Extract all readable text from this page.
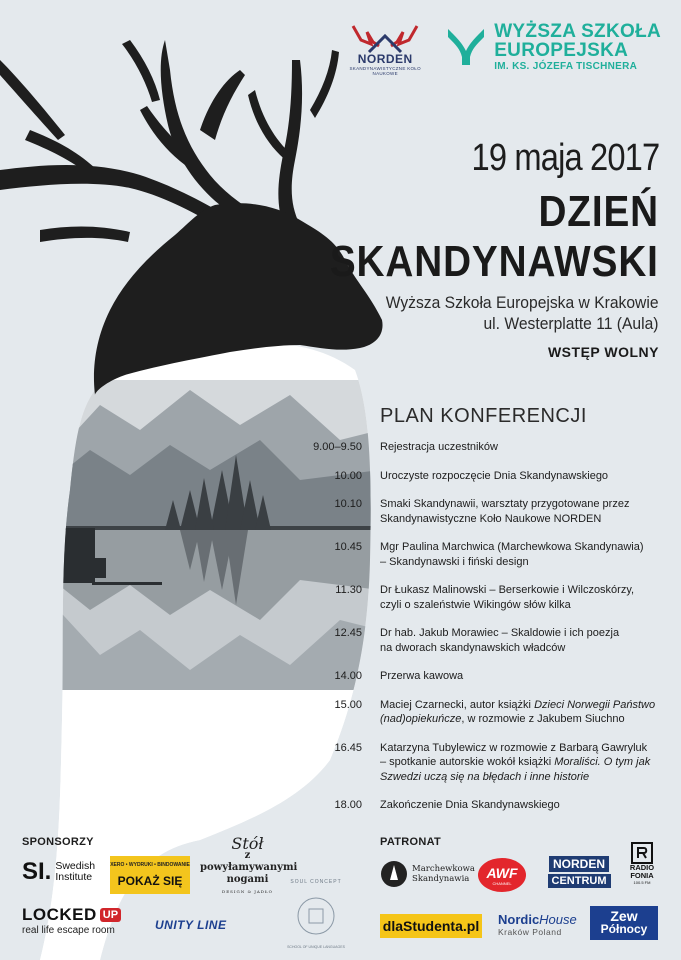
NORDEN
SKANDYNAWISTYCZNE KOŁO NAUKOWE
WYŻSZA SZKOŁA
EUROPEJSKA
IM. KS. JÓZEFA TISCHNERA
19 maja 2017
DZIEŃ
SKANDYNAWSKI
Wyższa Szkoła Europejska w Krakowie
ul. Westerplatte 11 (Aula)
WSTĘP WOLNY
PLAN KONFERENCJI
9.00–9.50	Rejestracja uczestników
10.00	Uroczyste rozpoczęcie Dnia Skandynawskiego
10.10	Smaki Skandynawii, warsztaty przygotowane przez
Skandynawistyczne Koło Naukowe NORDEN
10.45	Mgr Paulina Marchwica (Marchewkowa Skandynawia)
– Skandynawski i fiński design
11.30	Dr Łukasz Malinowski – Berserkowie i Wilczoskórzy,
czyli o szaleństwie Wikingów słów kilka
12.45	Dr hab. Jakub Morawiec – Skaldowie i ich poezja
na dworach skandynawskich władców
14.00	Przerwa kawowa
15.00	Maciej Czarnecki, autor książki Dzieci Norwegii Państwo
(nad)opiekuńcze, w rozmowie z Jakubem Siuchno
16.45	Katarzyna Tubylewicz w rozmowie z Barbarą Gawryluk
– spotkanie autorskie wokół książki Moraliści. O tym jak
Szwedzi uczą się na błędach i inne historie
18.00	Zakończenie Dnia Skandynawskiego
SPONSORZY
SI. Swedish
Institute
XERO • WYDRUKI • BINDOWANIE
POKAŻ SIĘ
Stół
z powyłamywanymi
nogami
DESIGN & JADŁO
SOUL CONCEPT
SCHOOL OF UNIQUE LANGUAGES
LOCKED UP
real life escape room	UNITY LINE
PATRONAT
Marchewkowa
Skandynawia	AWF
CHANNEL
NORDEN
CENTRUM
RADIO
FONIA
100.5 FM
dlaStudenta.pl NordicHouse
Kraków Poland
Zew
Północy
